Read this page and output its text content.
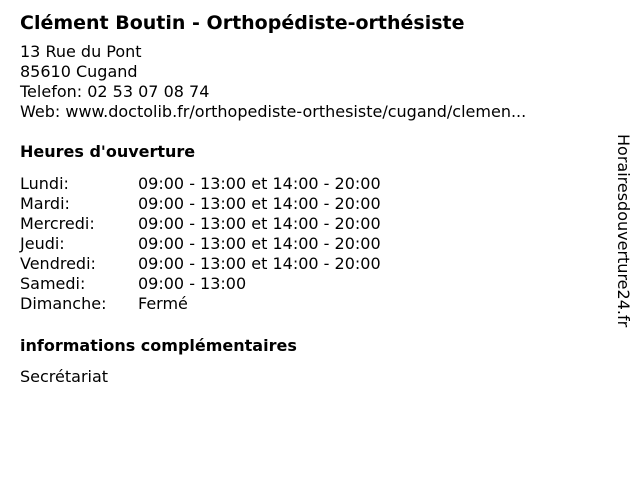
Clément Boutin - Orthopédiste-orthésiste
13 Rue du Pont
85610 Cugand
Telefon: 02 53 07 08 74
Web: www.doctolib.fr/orthopediste-orthesiste/cugand/clemen...
Heures d'ouverture
Lundi:	09:00 - 13:00 et 14:00 - 20:00
Mardi:	09:00 - 13:00 et 14:00 - 20:00
Mercredi:	09:00 - 13:00 et 14:00 - 20:00
Jeudi:	09:00 - 13:00 et 14:00 - 20:00
Vendredi:	09:00 - 13:00 et 14:00 - 20:00
Samedi:	09:00 - 13:00
Dimanche:	Fermé
informations complémentaires
Secrétariat
Horairesdouverture24.fr
